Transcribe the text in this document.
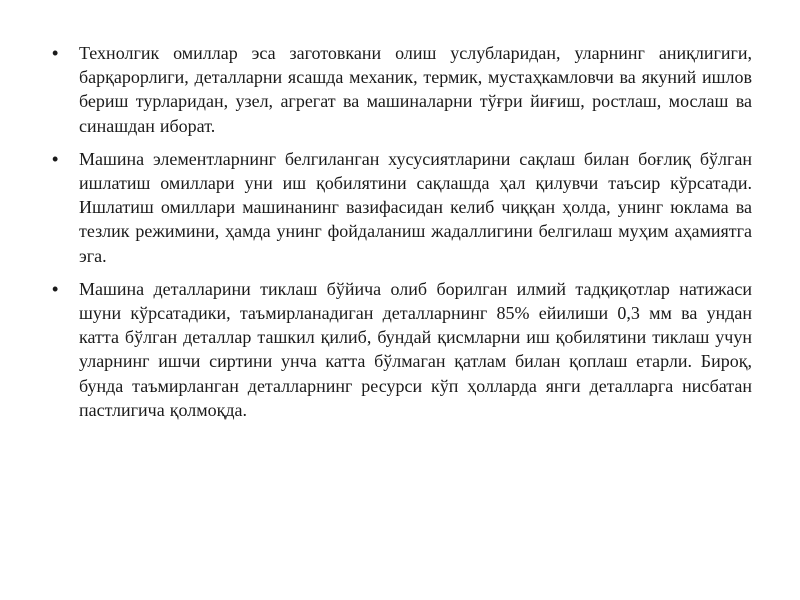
• Технолгик омиллар эса заготовкани олиш услубларидан, уларнинг аниқлигиги, барқарорлиги, деталларни ясашда механик, термик, мустаҳкамловчи ва якуний ишлов бериш турларидан, узел, агрегат ва машиналарни тўғри йиғиш, ростлаш, мослаш ва синашдан иборат.
• Машина элементларнинг белгиланган хусусиятларини сақлаш билан боғлиқ бўлган ишлатиш омиллари уни иш қобилятини сақлашда ҳал қилувчи таъсир кўрсатади. Ишлатиш омиллари машинанинг вазифасидан келиб чиққан ҳолда, унинг юклама ва тезлик режимини, ҳамда унинг фойдаланиш жадаллигини белгилаш муҳим аҳамиятга эга.
• Машина деталларини тиклаш бўйича олиб борилган илмий тадқиқотлар натижаси шуни кўрсатадики, таъмирланадиган деталларнинг 85% ейилиши 0,3 мм ва ундан катта бўлган деталлар ташкил қилиб, бундай қисмларни иш қобилятини тиклаш учун уларнинг ишчи сиртини унча катта бўлмаган қатлам билан қоплаш етарли. Бироқ, бунда таъмирланган деталларнинг ресурси кўп ҳолларда янги деталларга нисбатан пастлигича қолмоқда.
